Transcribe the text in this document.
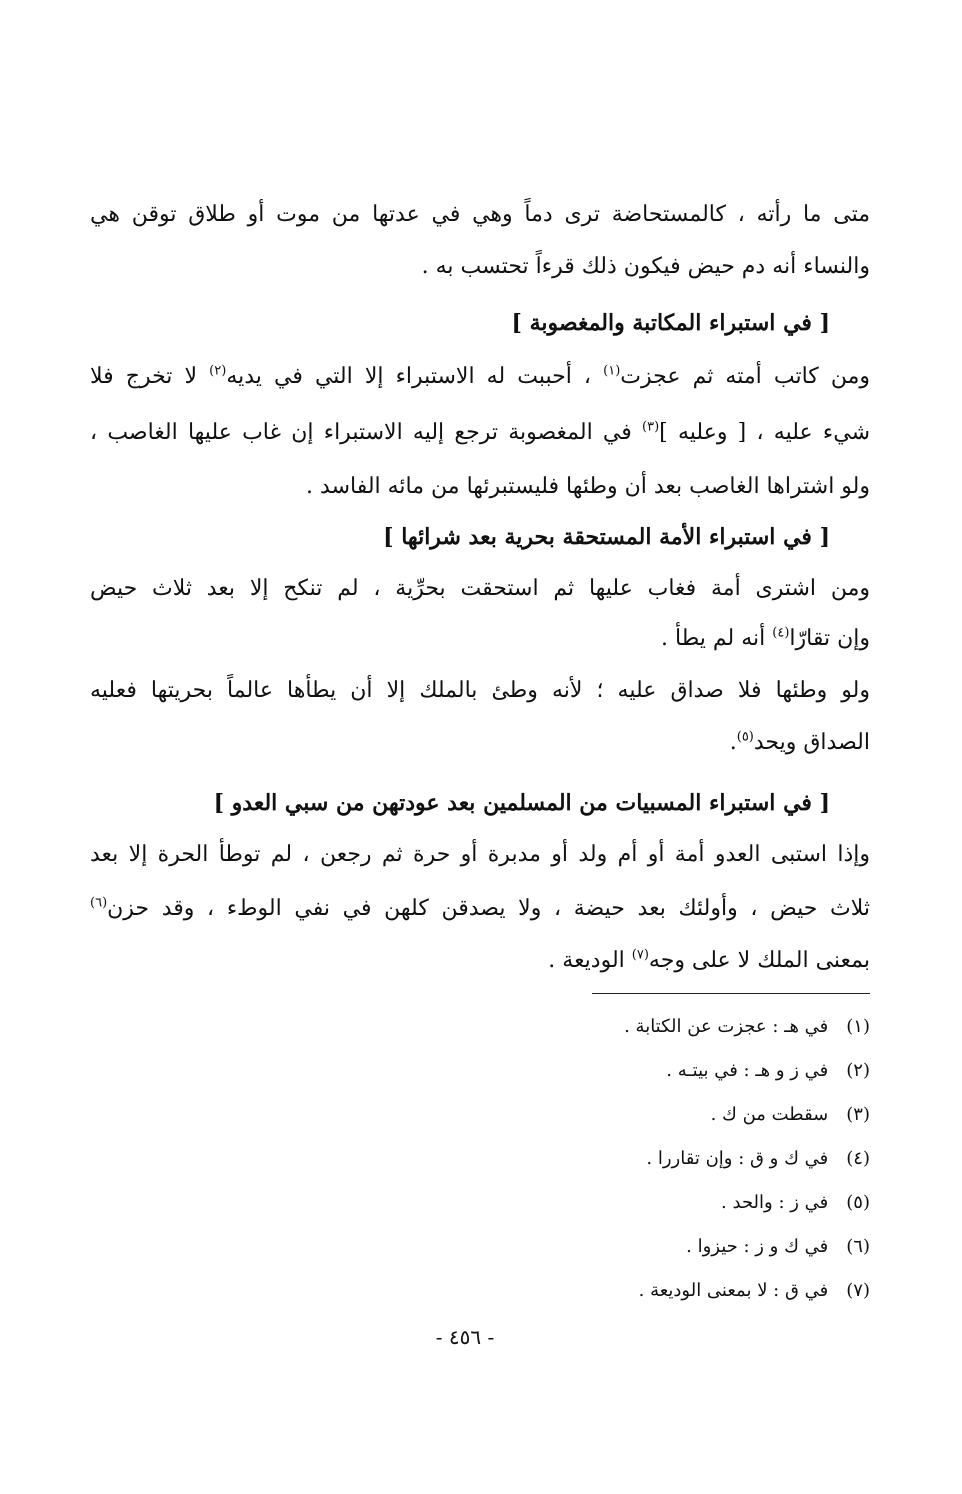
متى ما رأته ، كالمستحاضة ترى دماً وهي في عدتها من موت أو طلاق توقن هي
والنساء أنه دم حيض فيكون ذلك قرءاً تحتسب به .
[ في استبراء المكاتبة والمغصوبة ]
ومن كاتب أمته ثم عجزت$^{(١)}$ ، أحببت له الاستبراء إلا التي في يديه$^{(٢)}$ لا تخرج فلا
شيء عليه ، [ وعليه ]$^{(٣)}$ في المغصوبة ترجع إليه الاستبراء إن غاب عليها الغاصب ،
ولو اشتراها الغاصب بعد أن وطئها فليستبرئها من مائه الفاسد .
[ في استبراء الأمة المستحقة بحرية بعد شرائها ]
ومن اشترى أمة فغاب عليها ثم استحقت بحرِّية ، لم تنكح إلا بعد ثلاث حيض
وإن تقارّا$^{(٤)}$ أنه لم يطأ .
ولو وطئها فلا صداق عليه ؛ لأنه وطئ بالملك إلا أن يطأها عالماً بحريتها فعليه
الصداق ويحد$^{(٥)}$.
[ في استبراء المسبيات من المسلمين بعد عودتهن من سبي العدو ]
وإذا استبى العدو أمة أو أم ولد أو مدبرة أو حرة ثم رجعن ، لم توطأ الحرة إلا بعد
ثلاث حيض ، وأولئك بعد حيضة ، ولا يصدقن كلهن في نفي الوطء ، وقد حزن$^{(٦)}$
بمعنى الملك لا على وجه$^{(٧)}$ الوديعة .
(١) في هـ : عجزت عن الكتابة .
(٢) في ز و هـ : في بيتـه .
(٣) سقطت من ك .
(٤) في ك و ق : وإن تقاررا .
(٥) في ز : والحد .
(٦) في ك و ز : حيزوا .
(٧) في ق : لا بمعنى الوديعة .
- ٤٥٦ -
